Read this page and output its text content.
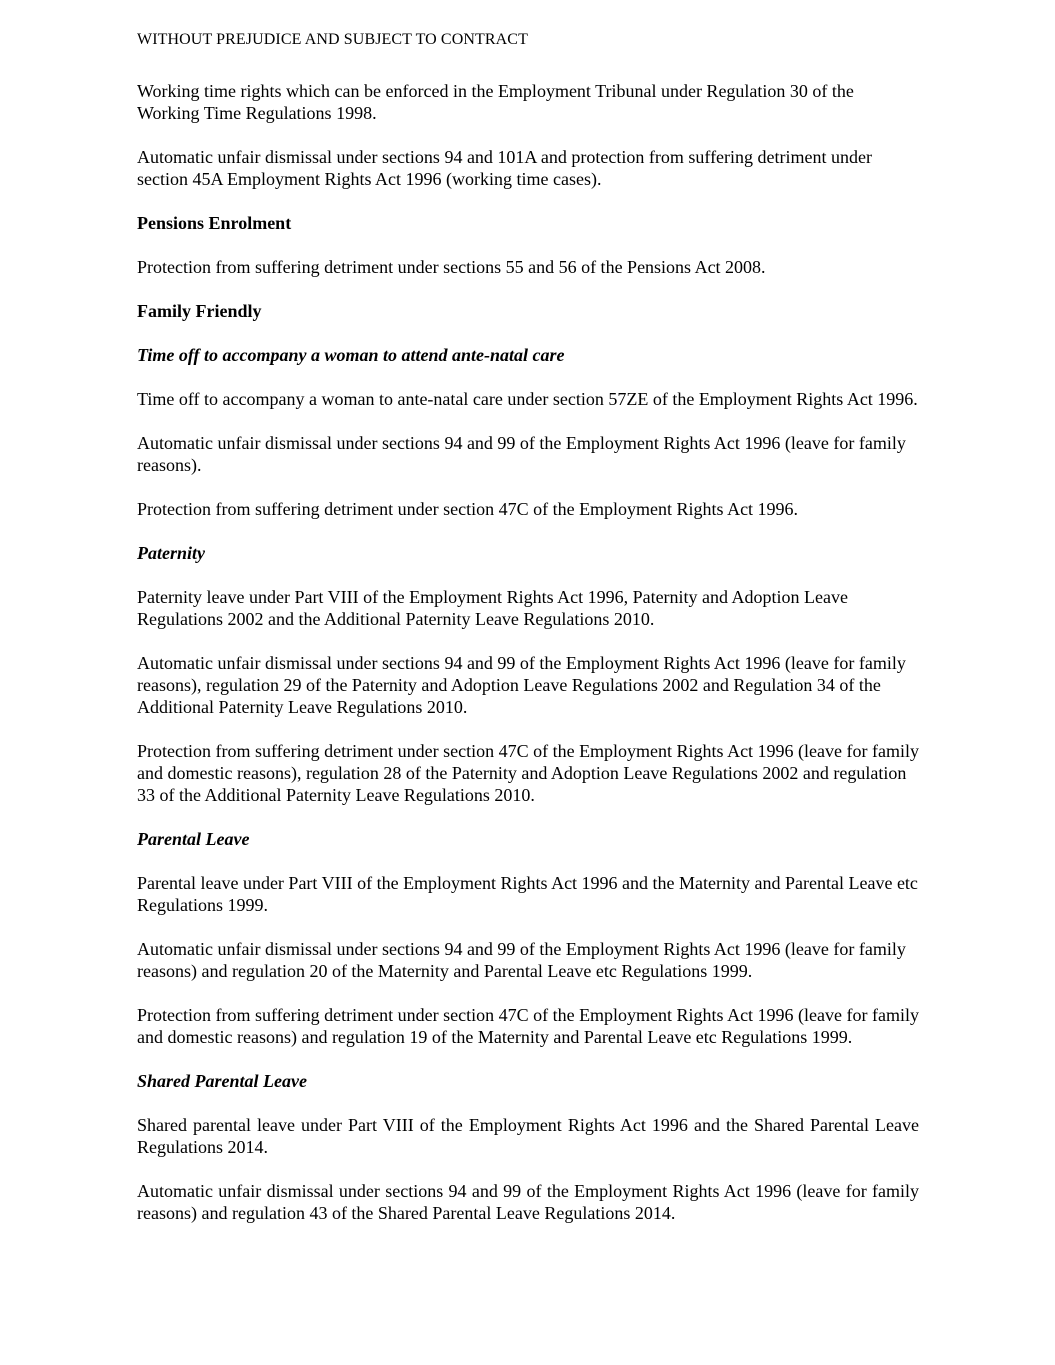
WITHOUT PREJUDICE AND SUBJECT TO CONTRACT

Working time rights which can be enforced in the Employment Tribunal under Regulation 30 of the Working Time Regulations 1998.

Automatic unfair dismissal under sections 94 and 101A and protection from suffering detriment under section 45A Employment Rights Act 1996 (working time cases).

Pensions Enrolment

Protection from suffering detriment under sections 55 and 56 of the Pensions Act 2008.

Family Friendly
Time off to accompany a woman to attend ante-natal care

Time off to accompany a woman to ante-natal care under section 57ZE of the Employment Rights Act 1996.

Automatic unfair dismissal under sections 94 and 99 of the Employment Rights Act 1996 (leave for family reasons).

Protection from suffering detriment under section 47C of the Employment Rights Act 1996.

Paternity

Paternity leave under Part VIII of the Employment Rights Act 1996, Paternity and Adoption Leave Regulations 2002 and the Additional Paternity Leave Regulations 2010.

Automatic unfair dismissal under sections 94 and 99 of the Employment Rights Act 1996 (leave for family reasons), regulation 29 of the Paternity and Adoption Leave Regulations 2002 and Regulation 34 of the Additional Paternity Leave Regulations 2010.

Protection from suffering detriment under section 47C of the Employment Rights Act 1996 (leave for family and domestic reasons), regulation 28 of the Paternity and Adoption Leave Regulations 2002 and regulation 33 of the Additional Paternity Leave Regulations 2010.

Parental Leave

Parental leave under Part VIII of the Employment Rights Act 1996 and the Maternity and Parental Leave etc Regulations 1999.

Automatic unfair dismissal under sections 94 and 99 of the Employment Rights Act 1996 (leave for family reasons) and regulation 20 of the Maternity and Parental Leave etc Regulations 1999.

Protection from suffering detriment under section 47C of the Employment Rights Act 1996 (leave for family and domestic reasons) and regulation 19 of the Maternity and Parental Leave etc Regulations 1999.

Shared Parental Leave

Shared parental leave under Part VIII of the Employment Rights Act 1996 and the Shared Parental Leave Regulations 2014.

Automatic unfair dismissal under sections 94 and 99 of the Employment Rights Act 1996 (leave for family reasons) and regulation 43 of the Shared Parental Leave Regulations 2014.
